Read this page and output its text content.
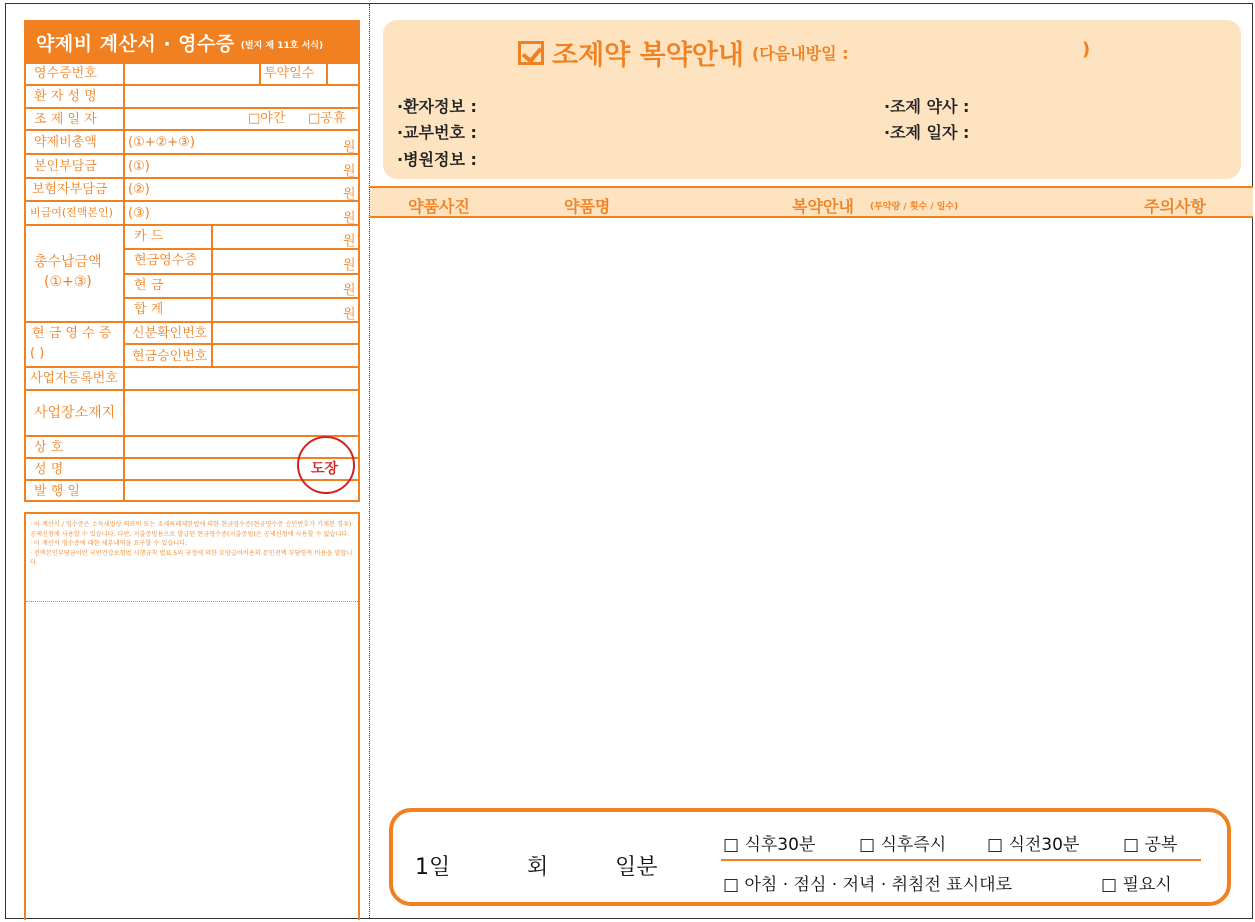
약제비 계산서 · 영수증 (별지 제 11호 서식)
영수증번호	투약일수
환 자 성 명
조 제 일 자	□야간 □공휴
약제비총액 (①+②+③)	원
본인부담금 (①)	원
보험자부담금 (②)	원
비급여(전액본인) (③)	원
총수납금액
(①+③)
카 드	원
현금영수증	원
현 금	원
합 계	원
현 금 영 수 증
( )
신분확인번호
현금승인번호
사업자등록번호
사업장소재지
상 호
성 명
발 행 일
도장

· 이 계산서 / 영수증은 소득세법상 의료비 또는 조세특례제한법에 의한 현금영수증(현금영수증 승인번호가 기재된 경우) 공제신청에 사용할 수 있습니다. 다만, 지출증빙용으로 발급된 현금영수증(지출증빙)은 공제신청에 사용할 수 없습니다.

· 이 계산서 영수증에 대한 세부내역을 요구할 수 있습니다.

· 전액본인부담금이란 국민건강보험법 시행규칙 별표 5의 규정에 의한 요양급여비용의 본인전액 부담항목 비용을 말합니다.

조제약 복약안내 (다음내방일 :	)
·환자정보 :
·교부번호 :
·병원정보 :
·조제 약사 :
·조제 일자 :
약품사진	약품명	복약안내 (투약량 / 횟수 / 일수)	주의사항
1일	회	일분
□ 식후30분	□ 식후즉시 □ 식전30분	□ 공복
□ 아침 · 점심 · 저녁 · 취침전 표시대로	□ 필요시
